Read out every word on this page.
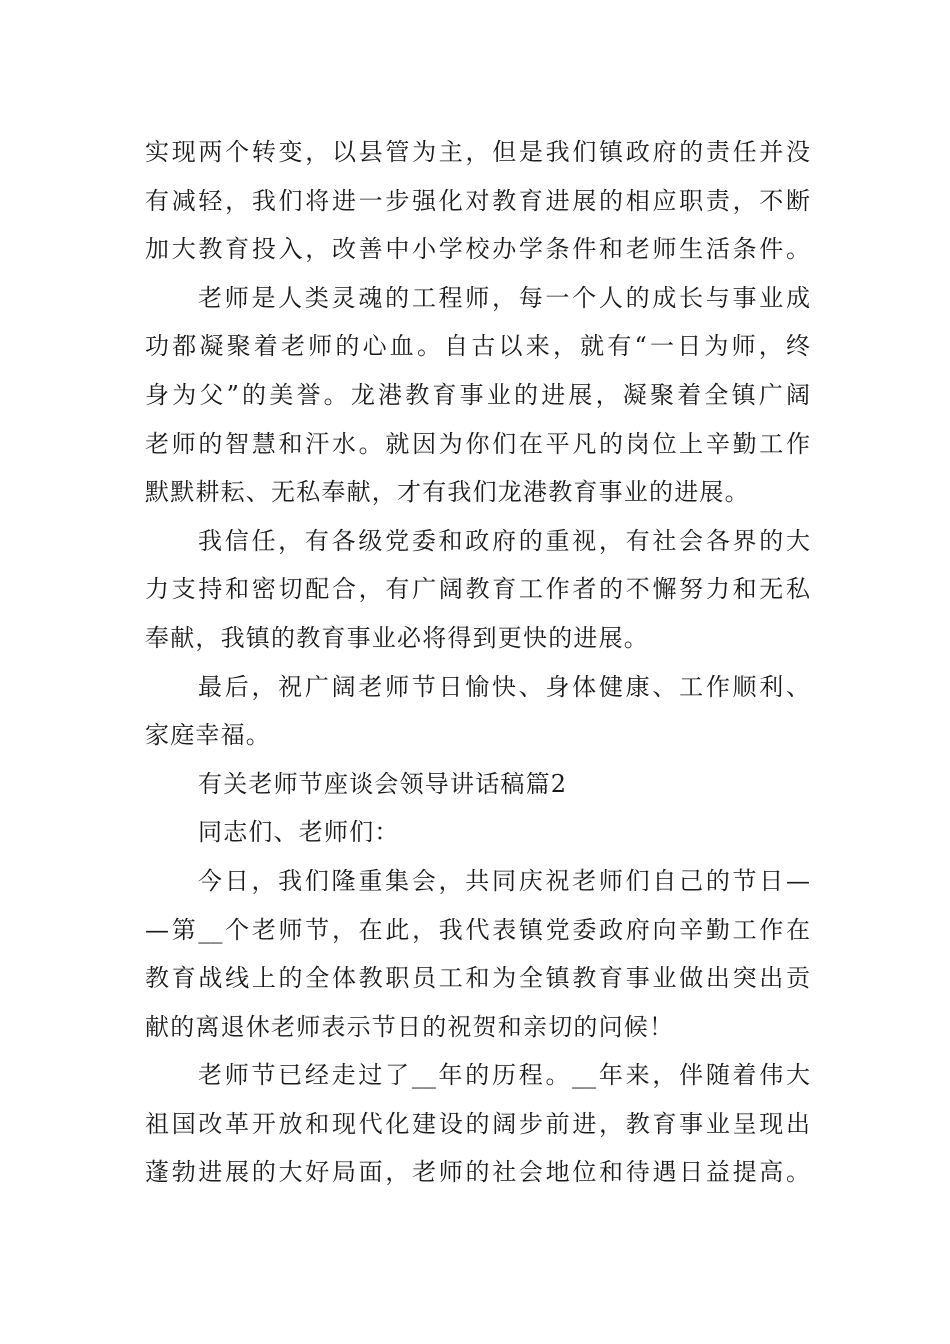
实现两个转变，以县管为主，但是我们镇政府的责任并没
有减轻，我们将进一步强化对教育进展的相应职责，不断
加大教育投入，改善中小学校办学条件和老师生活条件。
老师是人类灵魂的工程师，每一个人的成长与事业成
功都凝聚着老师的心血。自古以来，就有“一日为师，终
身为父”的美誉。龙港教育事业的进展，凝聚着全镇广阔
老师的智慧和汗水。就因为你们在平凡的岗位上辛勤工作
默默耕耘、无私奉献，才有我们龙港教育事业的进展。
我信任，有各级党委和政府的重视，有社会各界的大
力支持和密切配合，有广阔教育工作者的不懈努力和无私
奉献，我镇的教育事业必将得到更快的进展。
最后，祝广阔老师节日愉快、身体健康、工作顺利、
家庭幸福。
有关老师节座谈会领导讲话稿篇2
同志们、老师们：
今日，我们隆重集会，共同庆祝老师们自己的节日—
—第__个老师节，在此，我代表镇党委政府向辛勤工作在
教育战线上的全体教职员工和为全镇教育事业做出突出贡
献的离退休老师表示节日的祝贺和亲切的问候！
老师节已经走过了__年的历程。__年来，伴随着伟大
祖国改革开放和现代化建设的阔步前进，教育事业呈现出
蓬勃进展的大好局面，老师的社会地位和待遇日益提高。
